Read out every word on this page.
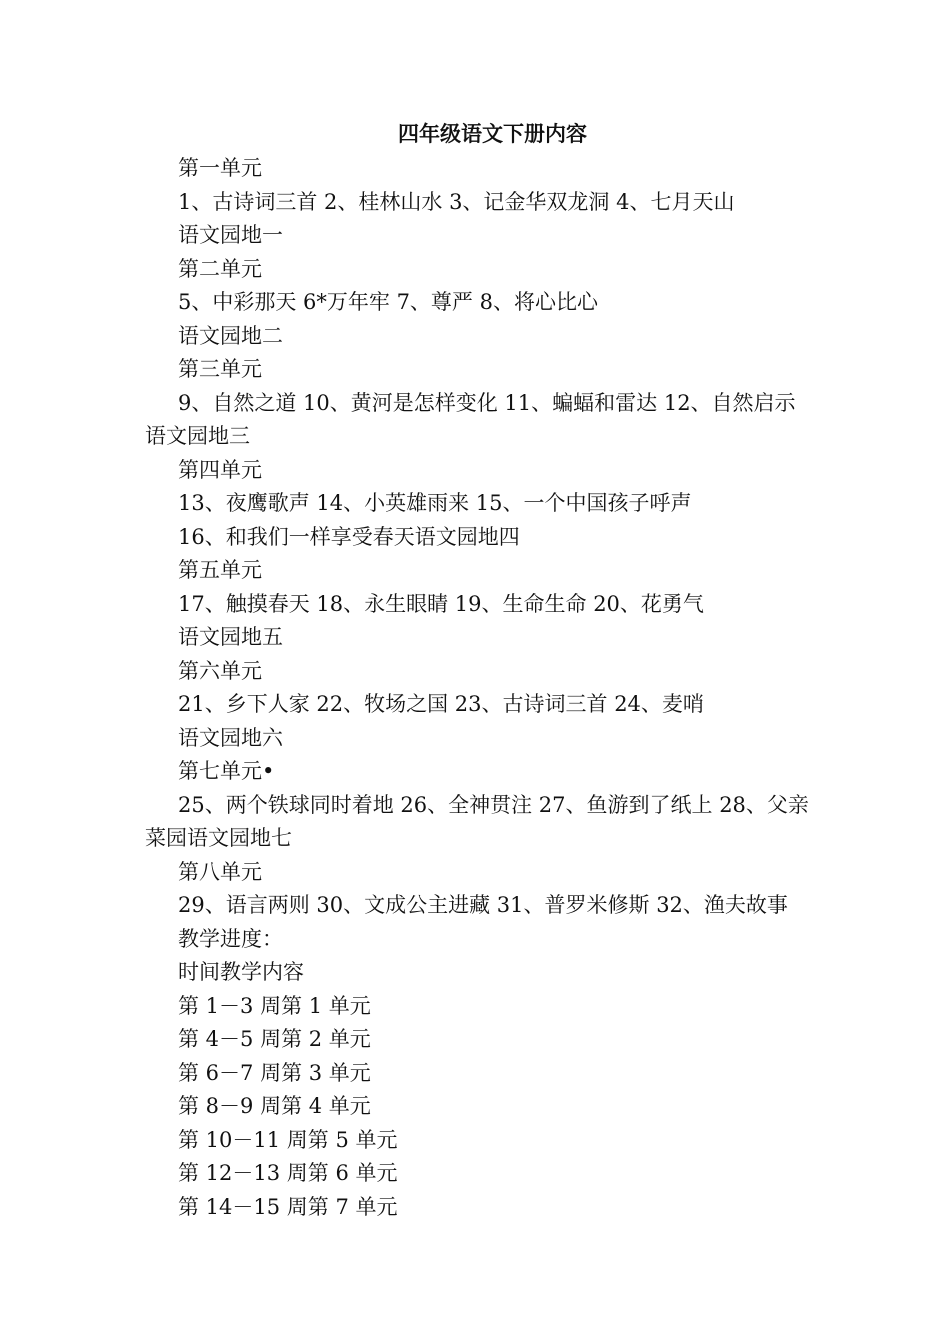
四年级语文下册内容

第一单元

1、古诗词三首 2、桂林山水 3、记金华双龙洞 4、七月天山

语文园地一

第二单元

5、中彩那天 6*万年牢 7、尊严 8、将心比心

语文园地二

第三单元

9、自然之道 10、黄河是怎样变化 11、蝙蝠和雷达 12、自然启示语文园地三

第四单元

13、夜鹰歌声 14、小英雄雨来 15、一个中国孩子呼声

16、和我们一样享受春天语文园地四

第五单元

17、触摸春天 18、永生眼睛 19、生命生命 20、花勇气

语文园地五

第六单元

21、乡下人家 22、牧场之国 23、古诗词三首 24、麦哨

语文园地六

第七单元•

25、两个铁球同时着地 26、全神贯注 27、鱼游到了纸上 28、父亲菜园语文园地七

第八单元

29、语言两则 30、文成公主进藏 31、普罗米修斯 32、渔夫故事

教学进度：

时间教学内容

第 1－3 周第 1 单元

第 4－5 周第 2 单元

第 6－7 周第 3 单元

第 8－9 周第 4 单元

第 10－11 周第 5 单元

第 12－13 周第 6 单元

第 14－15 周第 7 单元
